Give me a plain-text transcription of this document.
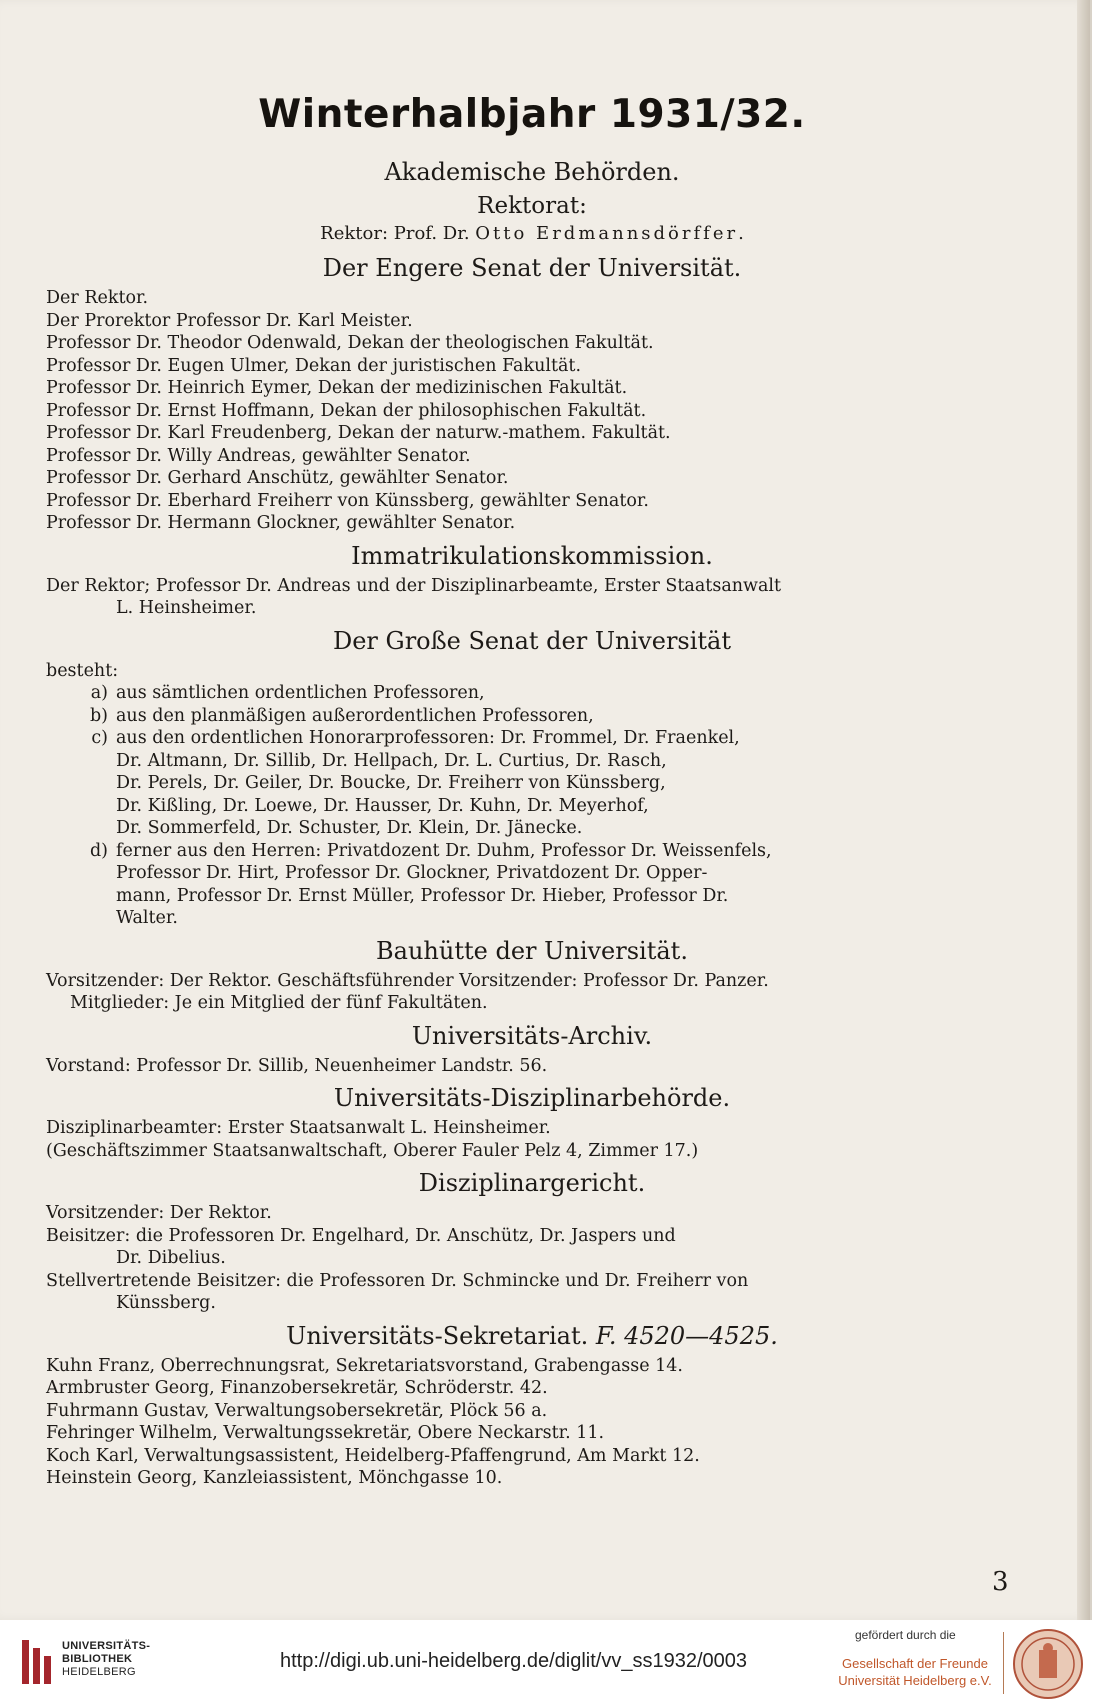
Winterhalbjahr 1931/32.
Akademische Behörden.
Rektorat:

Rektor: Prof. Dr. Otto Erdmannsdörffer.

Der Engere Senat der Universität.

Der Rektor.

Der Prorektor Professor Dr. Karl Meister.

Professor Dr. Theodor Odenwald, Dekan der theologischen Fakultät.

Professor Dr. Eugen Ulmer, Dekan der juristischen Fakultät.

Professor Dr. Heinrich Eymer, Dekan der medizinischen Fakultät.

Professor Dr. Ernst Hoffmann, Dekan der philosophischen Fakultät.

Professor Dr. Karl Freudenberg, Dekan der naturw.-mathem. Fakultät.

Professor Dr. Willy Andreas, gewählter Senator.

Professor Dr. Gerhard Anschütz, gewählter Senator.

Professor Dr. Eberhard Freiherr von Künssberg, gewählter Senator.

Professor Dr. Hermann Glockner, gewählter Senator.

Immatrikulationskommission.

Der Rektor; Professor Dr. Andreas und der Disziplinarbeamte, Erster Staatsanwalt

L. Heinsheimer.

Der Große Senat der Universität

besteht:

a) aus sämtlichen ordentlichen Professoren,
b) aus den planmäßigen außerordentlichen Professoren,
c) aus den ordentlichen Honorarprofessoren: Dr. Frommel, Dr. Fraenkel,
Dr. Altmann, Dr. Sillib, Dr. Hellpach, Dr. L. Curtius, Dr. Rasch,
Dr. Perels, Dr. Geiler, Dr. Boucke, Dr. Freiherr von Künssberg,
Dr. Kißling, Dr. Loewe, Dr. Hausser, Dr. Kuhn, Dr. Meyerhof,
Dr. Sommerfeld, Dr. Schuster, Dr. Klein, Dr. Jänecke.
d) ferner aus den Herren: Privatdozent Dr. Duhm, Professor Dr. Weissenfels,
Professor Dr. Hirt, Professor Dr. Glockner, Privatdozent Dr. Opper-
mann, Professor Dr. Ernst Müller, Professor Dr. Hieber, Professor Dr.
Walter.
Bauhütte der Universität.

Vorsitzender: Der Rektor. Geschäftsführender Vorsitzender: Professor Dr. Panzer.

Mitglieder: Je ein Mitglied der fünf Fakultäten.

Universitäts-Archiv.

Vorstand: Professor Dr. Sillib, Neuenheimer Landstr. 56.

Universitäts-Disziplinarbehörde.

Disziplinarbeamter: Erster Staatsanwalt L. Heinsheimer.

(Geschäftszimmer Staatsanwaltschaft, Oberer Fauler Pelz 4, Zimmer 17.)

Disziplinargericht.

Vorsitzender: Der Rektor.

Beisitzer: die Professoren Dr. Engelhard, Dr. Anschütz, Dr. Jaspers und

Dr. Dibelius.

Stellvertretende Beisitzer: die Professoren Dr. Schmincke und Dr. Freiherr von

Künssberg.

Universitäts-Sekretariat. F. 4520—4525.

Kuhn Franz, Oberrechnungsrat, Sekretariatsvorstand, Grabengasse 14.

Armbruster Georg, Finanzobersekretär, Schröderstr. 42.

Fuhrmann Gustav, Verwaltungsobersekretär, Plöck 56 a.

Fehringer Wilhelm, Verwaltungssekretär, Obere Neckarstr. 11.

Koch Karl, Verwaltungsassistent, Heidelberg-Pfaffengrund, Am Markt 12.

Heinstein Georg, Kanzleiassistent, Mönchgasse 10.

3
UNIVERSITÄTS-
BIBLIOTHEK
HEIDELBERG	http://digi.ub.uni-heidelberg.de/diglit/vv_ss1932/0003
gefördert durch die
Gesellschaft der Freunde
Universität Heidelberg e.V.
